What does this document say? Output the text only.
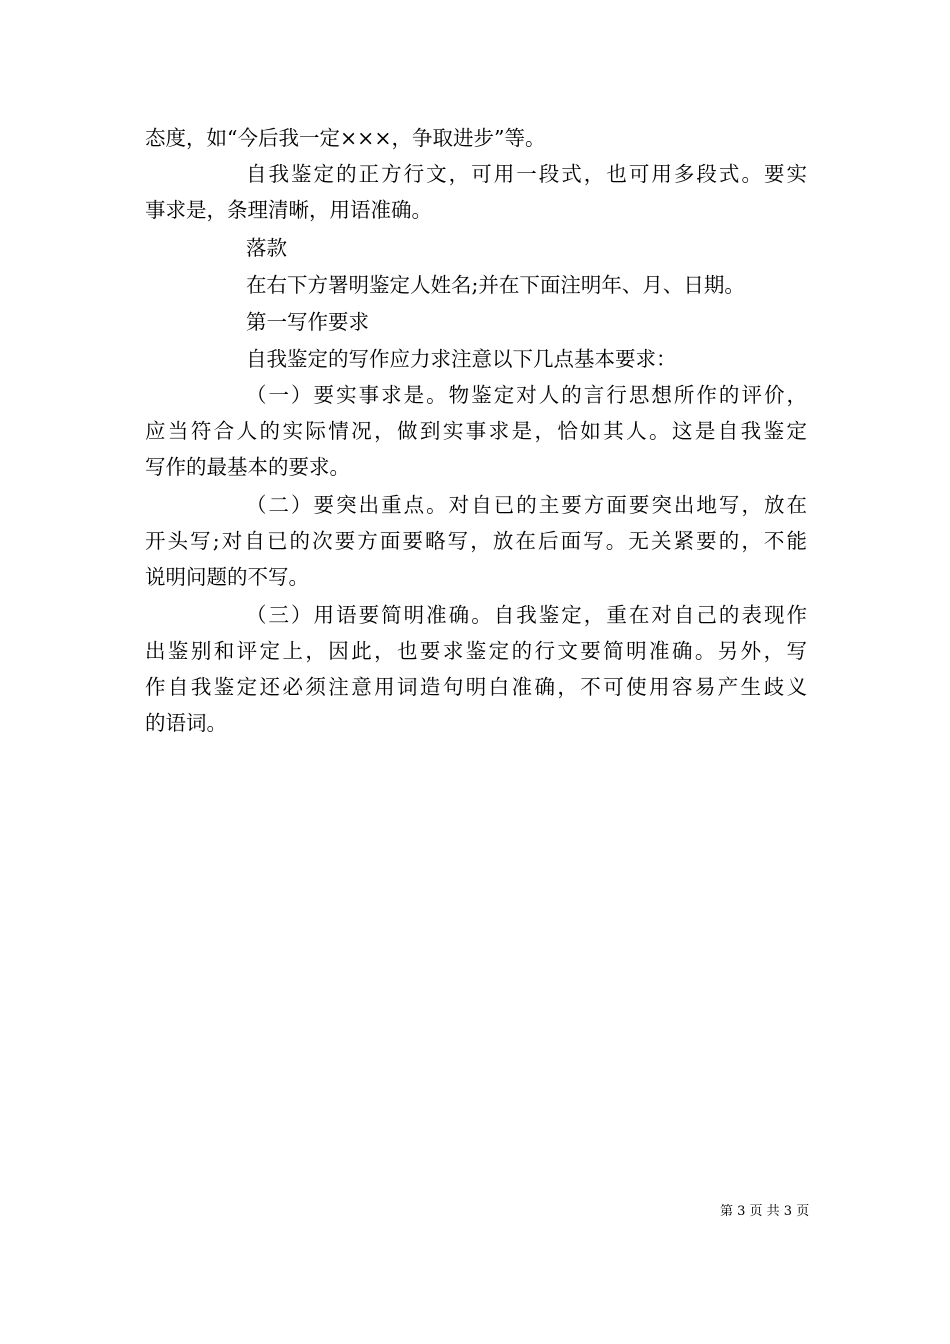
态度，如“今后我一定×××，争取进步”等。
自我鉴定的正方行文，可用一段式，也可用多段式。要实
事求是，条理清晰，用语准确。
落款
在右下方署明鉴定人姓名;并在下面注明年、月、日期。
第一写作要求
自我鉴定的写作应力求注意以下几点基本要求：
（一）要实事求是。物鉴定对人的言行思想所作的评价，
应当符合人的实际情况，做到实事求是，恰如其人。这是自我鉴定
写作的最基本的要求。
（二）要突出重点。对自已的主要方面要突出地写，放在
开头写;对自已的次要方面要略写，放在后面写。无关紧要的，不能
说明问题的不写。
（三）用语要简明准确。自我鉴定，重在对自己的表现作
出鉴别和评定上，因此，也要求鉴定的行文要简明准确。另外，写
作自我鉴定还必须注意用词造句明白准确，不可使用容易产生歧义
的语词。
第 3 页 共 3 页
